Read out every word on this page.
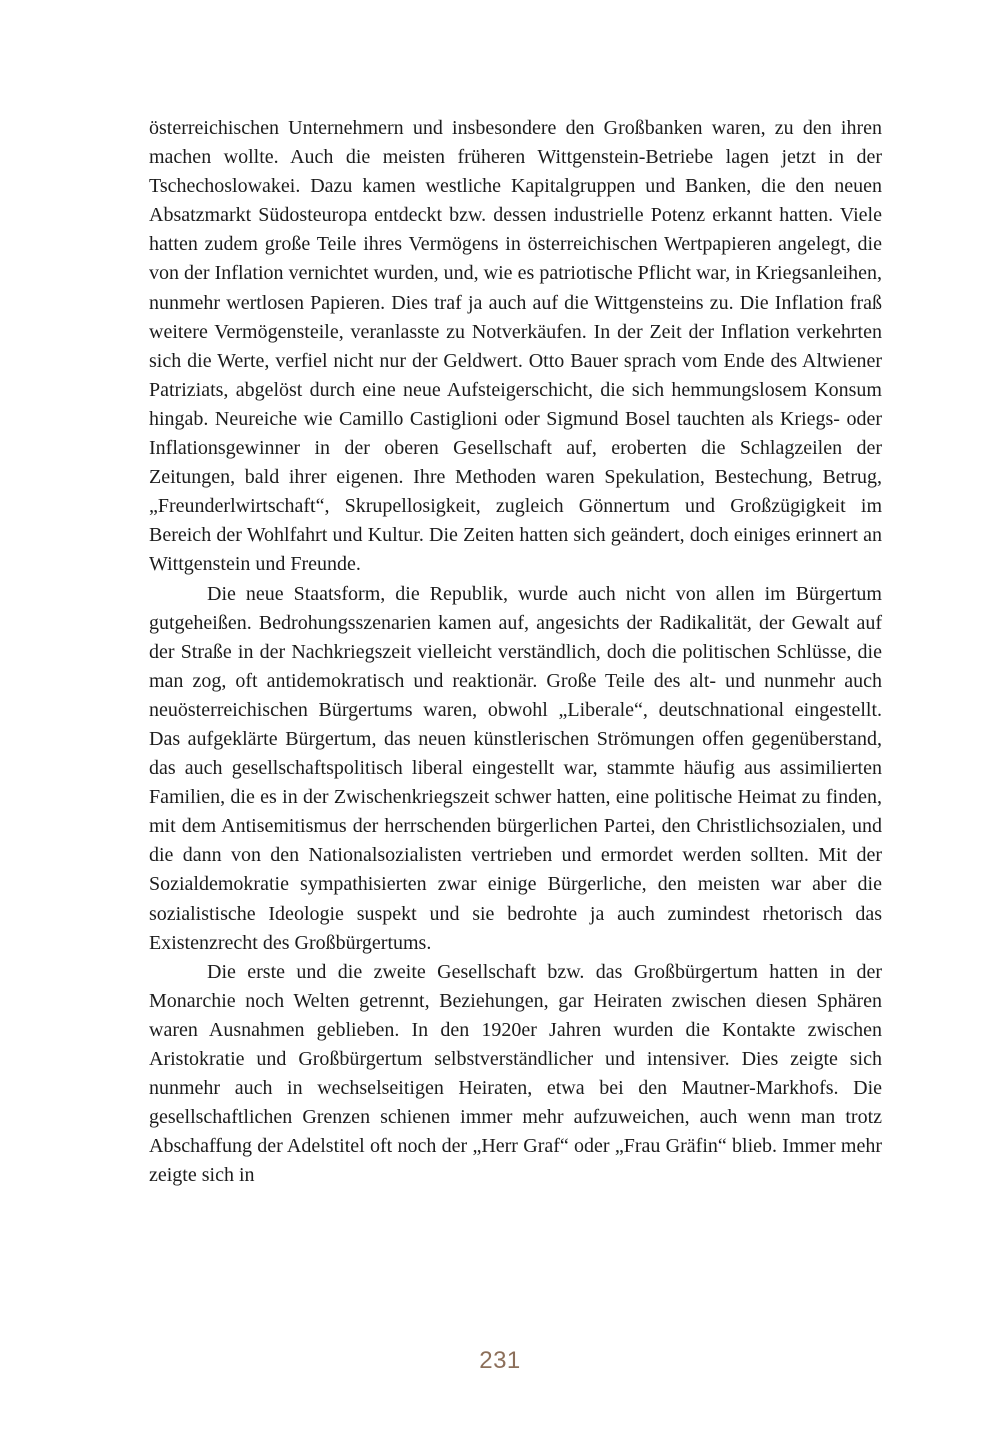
österreichischen Unternehmern und insbesondere den Großbanken waren, zu den ihren machen wollte. Auch die meisten früheren Wittgenstein-Betriebe lagen jetzt in der Tschechoslowakei. Dazu kamen westliche Kapitalgruppen und Banken, die den neuen Absatzmarkt Südosteuropa entdeckt bzw. dessen industrielle Potenz erkannt hatten. Viele hatten zudem große Teile ihres Vermögens in österreichischen Wertpapieren angelegt, die von der Inflation vernichtet wurden, und, wie es patriotische Pflicht war, in Kriegsanleihen, nunmehr wertlosen Papieren. Dies traf ja auch auf die Wittgensteins zu. Die Inflation fraß weitere Vermögensteile, veranlasste zu Notverkäufen. In der Zeit der Inflation verkehrten sich die Werte, verfiel nicht nur der Geldwert. Otto Bauer sprach vom Ende des Altwiener Patriziats, abgelöst durch eine neue Aufsteigerschicht, die sich hemmungslosem Konsum hingab. Neureiche wie Camillo Castiglioni oder Sigmund Bosel tauchten als Kriegs- oder Inflationsgewinner in der oberen Gesellschaft auf, eroberten die Schlagzeilen der Zeitungen, bald ihrer eigenen. Ihre Methoden waren Spekulation, Bestechung, Betrug, „Freunderlwirtschaft“, Skrupellosigkeit, zugleich Gönnertum und Großzügigkeit im Bereich der Wohlfahrt und Kultur. Die Zeiten hatten sich geändert, doch einiges erinnert an Wittgenstein und Freunde.

Die neue Staatsform, die Republik, wurde auch nicht von allen im Bürgertum gutgeheißen. Bedrohungsszenarien kamen auf, angesichts der Radikalität, der Gewalt auf der Straße in der Nachkriegszeit vielleicht verständlich, doch die politischen Schlüsse, die man zog, oft antidemokratisch und reaktionär. Große Teile des alt- und nunmehr auch neuösterreichischen Bürgertums waren, obwohl „Liberale“, deutschnational eingestellt. Das aufgeklärte Bürgertum, das neuen künstlerischen Strömungen offen gegenüberstand, das auch gesellschaftspolitisch liberal eingestellt war, stammte häufig aus assimilierten Familien, die es in der Zwischenkriegszeit schwer hatten, eine politische Heimat zu finden, mit dem Antisemitismus der herrschenden bürgerlichen Partei, den Christlichsozialen, und die dann von den Nationalsozialisten vertrieben und ermordet werden sollten. Mit der Sozialdemokratie sympathisierten zwar einige Bürgerliche, den meisten war aber die sozialistische Ideologie suspekt und sie bedrohte ja auch zumindest rhetorisch das Existenzrecht des Großbürgertums.

Die erste und die zweite Gesellschaft bzw. das Großbürgertum hatten in der Monarchie noch Welten getrennt, Beziehungen, gar Heiraten zwischen diesen Sphären waren Ausnahmen geblieben. In den 1920er Jahren wurden die Kontakte zwischen Aristokratie und Großbürgertum selbstverständlicher und intensiver. Dies zeigte sich nunmehr auch in wechselseitigen Heiraten, etwa bei den Mautner-Markhofs. Die gesellschaftlichen Grenzen schienen immer mehr aufzuweichen, auch wenn man trotz Abschaffung der Adelstitel oft noch der „Herr Graf“ oder „Frau Gräfin“ blieb. Immer mehr zeigte sich in

231
